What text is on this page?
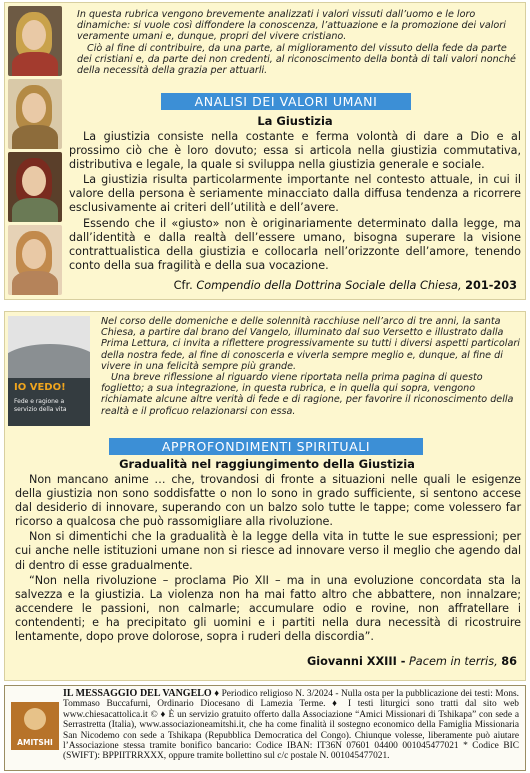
In questa rubrica vengono brevemente analizzati i valori vissuti dall’uomo e le loro dinamiche: si vuole così diffondere la conoscenza, l’attuazione e la promozione dei valori veramente umani e, dunque, propri del vivere cristiano.

Ciò al fine di contribuire, da una parte, al miglioramento del vissuto della fede da parte dei cristiani e, da parte dei non credenti, al riconoscimento della bontà di tali valori nonché della necessità della grazia per attuarli.

ANALISI DEI VALORI UMANI
La Giustizia

La giustizia consiste nella costante e ferma volontà di dare a Dio e al prossimo ciò che è loro dovuto; essa si articola nella giustizia commutativa, distributiva e legale, la quale si sviluppa nella giustizia generale e sociale.

La giustizia risulta particolarmente importante nel contesto attuale, in cui il valore della persona è seriamente minacciato dalla diffusa tendenza a ricorrere esclusivamente ai criteri dell’utilità e dell’avere.

Essendo che il «giusto» non è originariamente determinato dalla legge, ma dall’identità e dalla realtà dell’essere umano, bisogna superare la visione contrattualistica della giustizia e collocarla nell’orizzonte dell’amore, tenendo conto della sua fragilità e della sua vocazione.

Cfr. Compendio della Dottrina Sociale della Chiesa, 201-203
IO VEDO!
Fede e ragione a servizio della vita

Nel corso delle domeniche e delle solennità racchiuse nell’arco di tre anni, la santa Chiesa, a partire dal brano del Vangelo, illuminato dal suo Versetto e illustrato dalla Prima Lettura, ci invita a riflettere progressivamente su tutti i diversi aspetti particolari della nostra fede, al fine di conoscerla e viverla sempre meglio e, dunque, al fine di vivere in una felicità sempre più grande.

Una breve riflessione al riguardo viene riportata nella prima pagina di questo foglietto; a sua integrazione, in questa rubrica, e in quella qui sopra, vengono richiamate alcune altre verità di fede e di ragione, per favorire il riconoscimento della realtà e il proficuo relazionarsi con essa.

APPROFONDIMENTI SPIRITUALI
Gradualità nel raggiungimento della Giustizia

Non mancano anime … che, trovandosi di fronte a situazioni nelle quali le esigenze della giustizia non sono soddisfatte o non lo sono in grado sufficiente, si sentono accese dal desiderio di innovare, superando con un balzo solo tutte le tappe; come volessero far ricorso a qualcosa che può rassomigliare alla rivoluzione.

Non si dimentichi che la gradualità è la legge della vita in tutte le sue espressioni; per cui anche nelle istituzioni umane non si riesce ad innovare verso il meglio che agendo dal di dentro di esse gradualmente.

“Non nella rivoluzione – proclama Pio XII – ma in una evoluzione concordata sta la salvezza e la giustizia. La violenza non ha mai fatto altro che abbattere, non innalzare; accendere le passioni, non calmarle; accumulare odio e rovine, non affratellare i contendenti; e ha precipitato gli uomini e i partiti nella dura necessità di ricostruire lentamente, dopo prove dolorose, sopra i ruderi della discordia”.

Giovanni XXIII - Pacem in terris, 86
AMITSHI
IL MESSAGGIO DEL VANGELO ♦ Periodico religioso N. 3/2024 - Nulla osta per la pubblicazione dei testi: Mons. Tommaso Buccafurni, Ordinario Diocesano di Lamezia Terme. ♦ I testi liturgici sono tratti dal sito web www.chiesacattolica.it © ♦ È un servizio gratuito offerto dalla Associazione “Amici Missionari di Tshikapa” con sede a Serrastretta (Italia), www.associazioneamitshi.it, che ha come finalità il sostegno economico della Famiglia Missionaria San Nicodemo con sede a Tshikapa (Repubblica Democratica del Congo). Chiunque volesse, liberamente può aiutare l’Associazione stessa tramite bonifico bancario: Codice IBAN: IT36N 07601 04400 001045477021 * Codice BIC (SWIFT): BPPIITRRXXX, oppure tramite bollettino sul c/c postale N. 001045477021.
